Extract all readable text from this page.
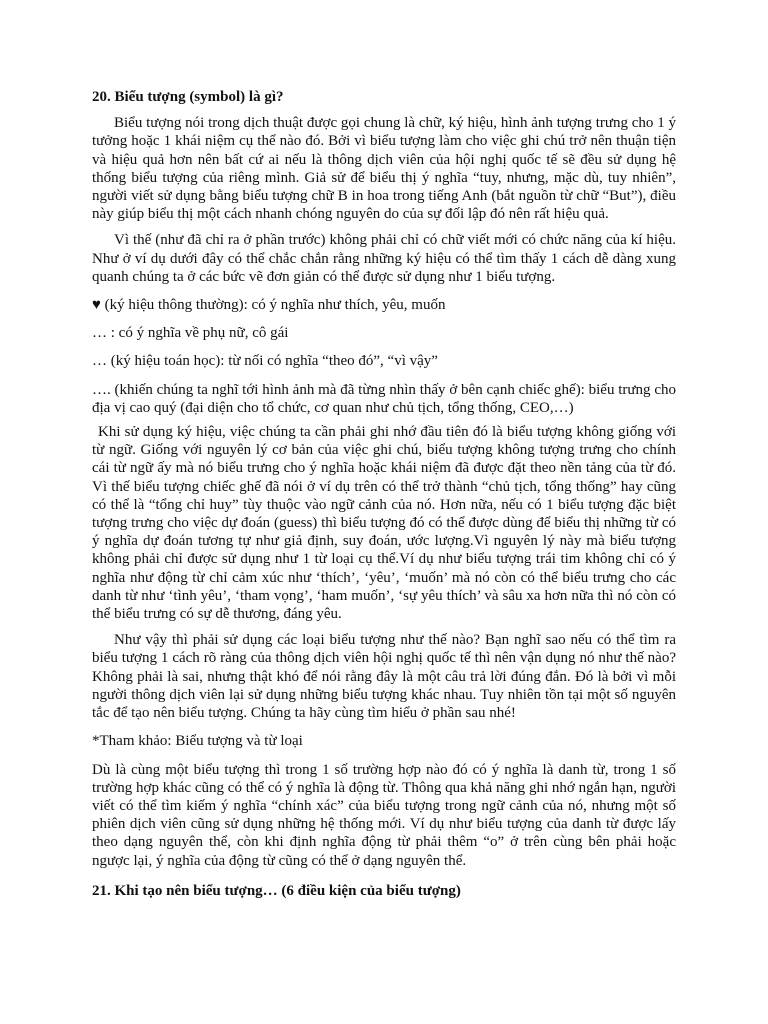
20. Biểu tượng (symbol) là gì?

Biểu tượng nói trong dịch thuật được gọi chung là chữ, ký hiệu, hình ảnh tượng trưng cho 1 ý tưởng hoặc 1 khái niệm cụ thể nào đó. Bởi vì biểu tượng làm cho việc ghi chú trở nên thuận tiện và hiệu quả hơn nên bất cứ ai nếu là thông dịch viên của hội nghị quốc tế sẽ đều sử dụng hệ thống biểu tượng của riêng mình. Giả sử để biểu thị ý nghĩa “tuy, nhưng, mặc dù, tuy nhiên”, người viết sử dụng bằng biểu tượng chữ B in hoa trong tiếng Anh (bắt nguồn từ chữ “But”), điều này giúp biểu thị một cách nhanh chóng nguyên do của sự đối lập đó nên rất hiệu quả.

Vì thế (như đã chỉ ra ở phần trước) không phải chỉ có chữ viết mới có chức năng của kí hiệu. Như ở ví dụ dưới đây có thể chắc chắn rằng những ký hiệu có thể tìm thấy 1 cách dễ dàng xung quanh chúng ta ở các bức vẽ đơn giản có thể được sử dụng như 1 biểu tượng.

♥ (ký hiệu thông thường): có ý nghĩa như thích, yêu, muốn

… : có ý nghĩa về phụ nữ, cô gái

… (ký hiệu toán học): từ nối có nghĩa “theo đó”, “vì vậy”

…. (khiến chúng ta nghĩ tới hình ảnh mà đã từng nhìn thấy ở bên cạnh chiếc ghế): biểu trưng cho địa vị cao quý (đại diện cho tổ chức, cơ quan như chủ tịch, tổng thống, CEO,…)

Khi sử dụng ký hiệu, việc chúng ta cần phải ghi nhớ đầu tiên đó là biểu tượng không giống với từ ngữ. Giống với nguyên lý cơ bản của việc ghi chú, biểu tượng không tượng trưng cho chính cái từ ngữ ấy mà nó biểu trưng cho ý nghĩa hoặc khái niệm đã được đặt theo nền tảng của từ đó. Vì thế biểu tượng chiếc ghế đã nói ở ví dụ trên có thể trở thành “chủ tịch, tổng thống” hay cũng có thể là “tổng chỉ huy” tùy thuộc vào ngữ cảnh của nó. Hơn nữa, nếu có 1 biểu tượng đặc biệt tượng trưng cho việc dự đoán (guess) thì biểu tượng đó có thể được dùng để biểu thị những từ có ý nghĩa dự đoán tương tự như giả định, suy đoán, ước lượng.Vì nguyên lý này mà biểu tượng không phải chỉ được sử dụng như 1 từ loại cụ thể.Ví dụ như biểu tượng trái tim không chỉ có ý nghĩa như động từ chỉ cảm xúc như ‘thích’, ‘yêu’, ‘muốn’ mà nó còn có thể biểu trưng cho các danh từ như ‘tình yêu’, ‘tham vọng’, ‘ham muốn’, ‘sự yêu thích’ và sâu xa hơn nữa thì nó còn có thể biểu trưng có sự dễ thương, đáng yêu.

Như vậy thì phải sử dụng các loại biểu tượng như thế nào? Bạn nghĩ sao nếu có thể tìm ra biểu tượng 1 cách rõ ràng của thông dịch viên hội nghị quốc tế thì nên vận dụng nó như thế nào? Không phải là sai, nhưng thật khó để nói rằng đây là một câu trả lời đúng đắn. Đó là bởi vì mỗi người thông dịch viên lại sử dụng những biểu tượng khác nhau. Tuy nhiên tồn tại một số nguyên tắc để tạo nên biểu tượng. Chúng ta hãy cùng tìm hiểu ở phần sau nhé!

*Tham khảo: Biểu tượng và từ loại

Dù là cùng một biểu tượng thì trong 1 số trường hợp nào đó có ý nghĩa là danh từ, trong 1 số trường hợp khác cũng có thể có ý nghĩa là động từ. Thông qua khả năng ghi nhớ ngắn hạn, người viết có thể tìm kiếm ý nghĩa “chính xác” của biểu tượng trong ngữ cảnh của nó, nhưng một số phiên dịch viên cũng sử dụng những hệ thống mới. Ví dụ như biểu tượng của danh từ được lấy theo dạng nguyên thể, còn khi định nghĩa động từ phải thêm “o” ở trên cùng bên phải hoặc ngược lại, ý nghĩa của động từ cũng có thể ở dạng nguyên thể.

21. Khi tạo nên biểu tượng… (6 điều kiện của biểu tượng)
